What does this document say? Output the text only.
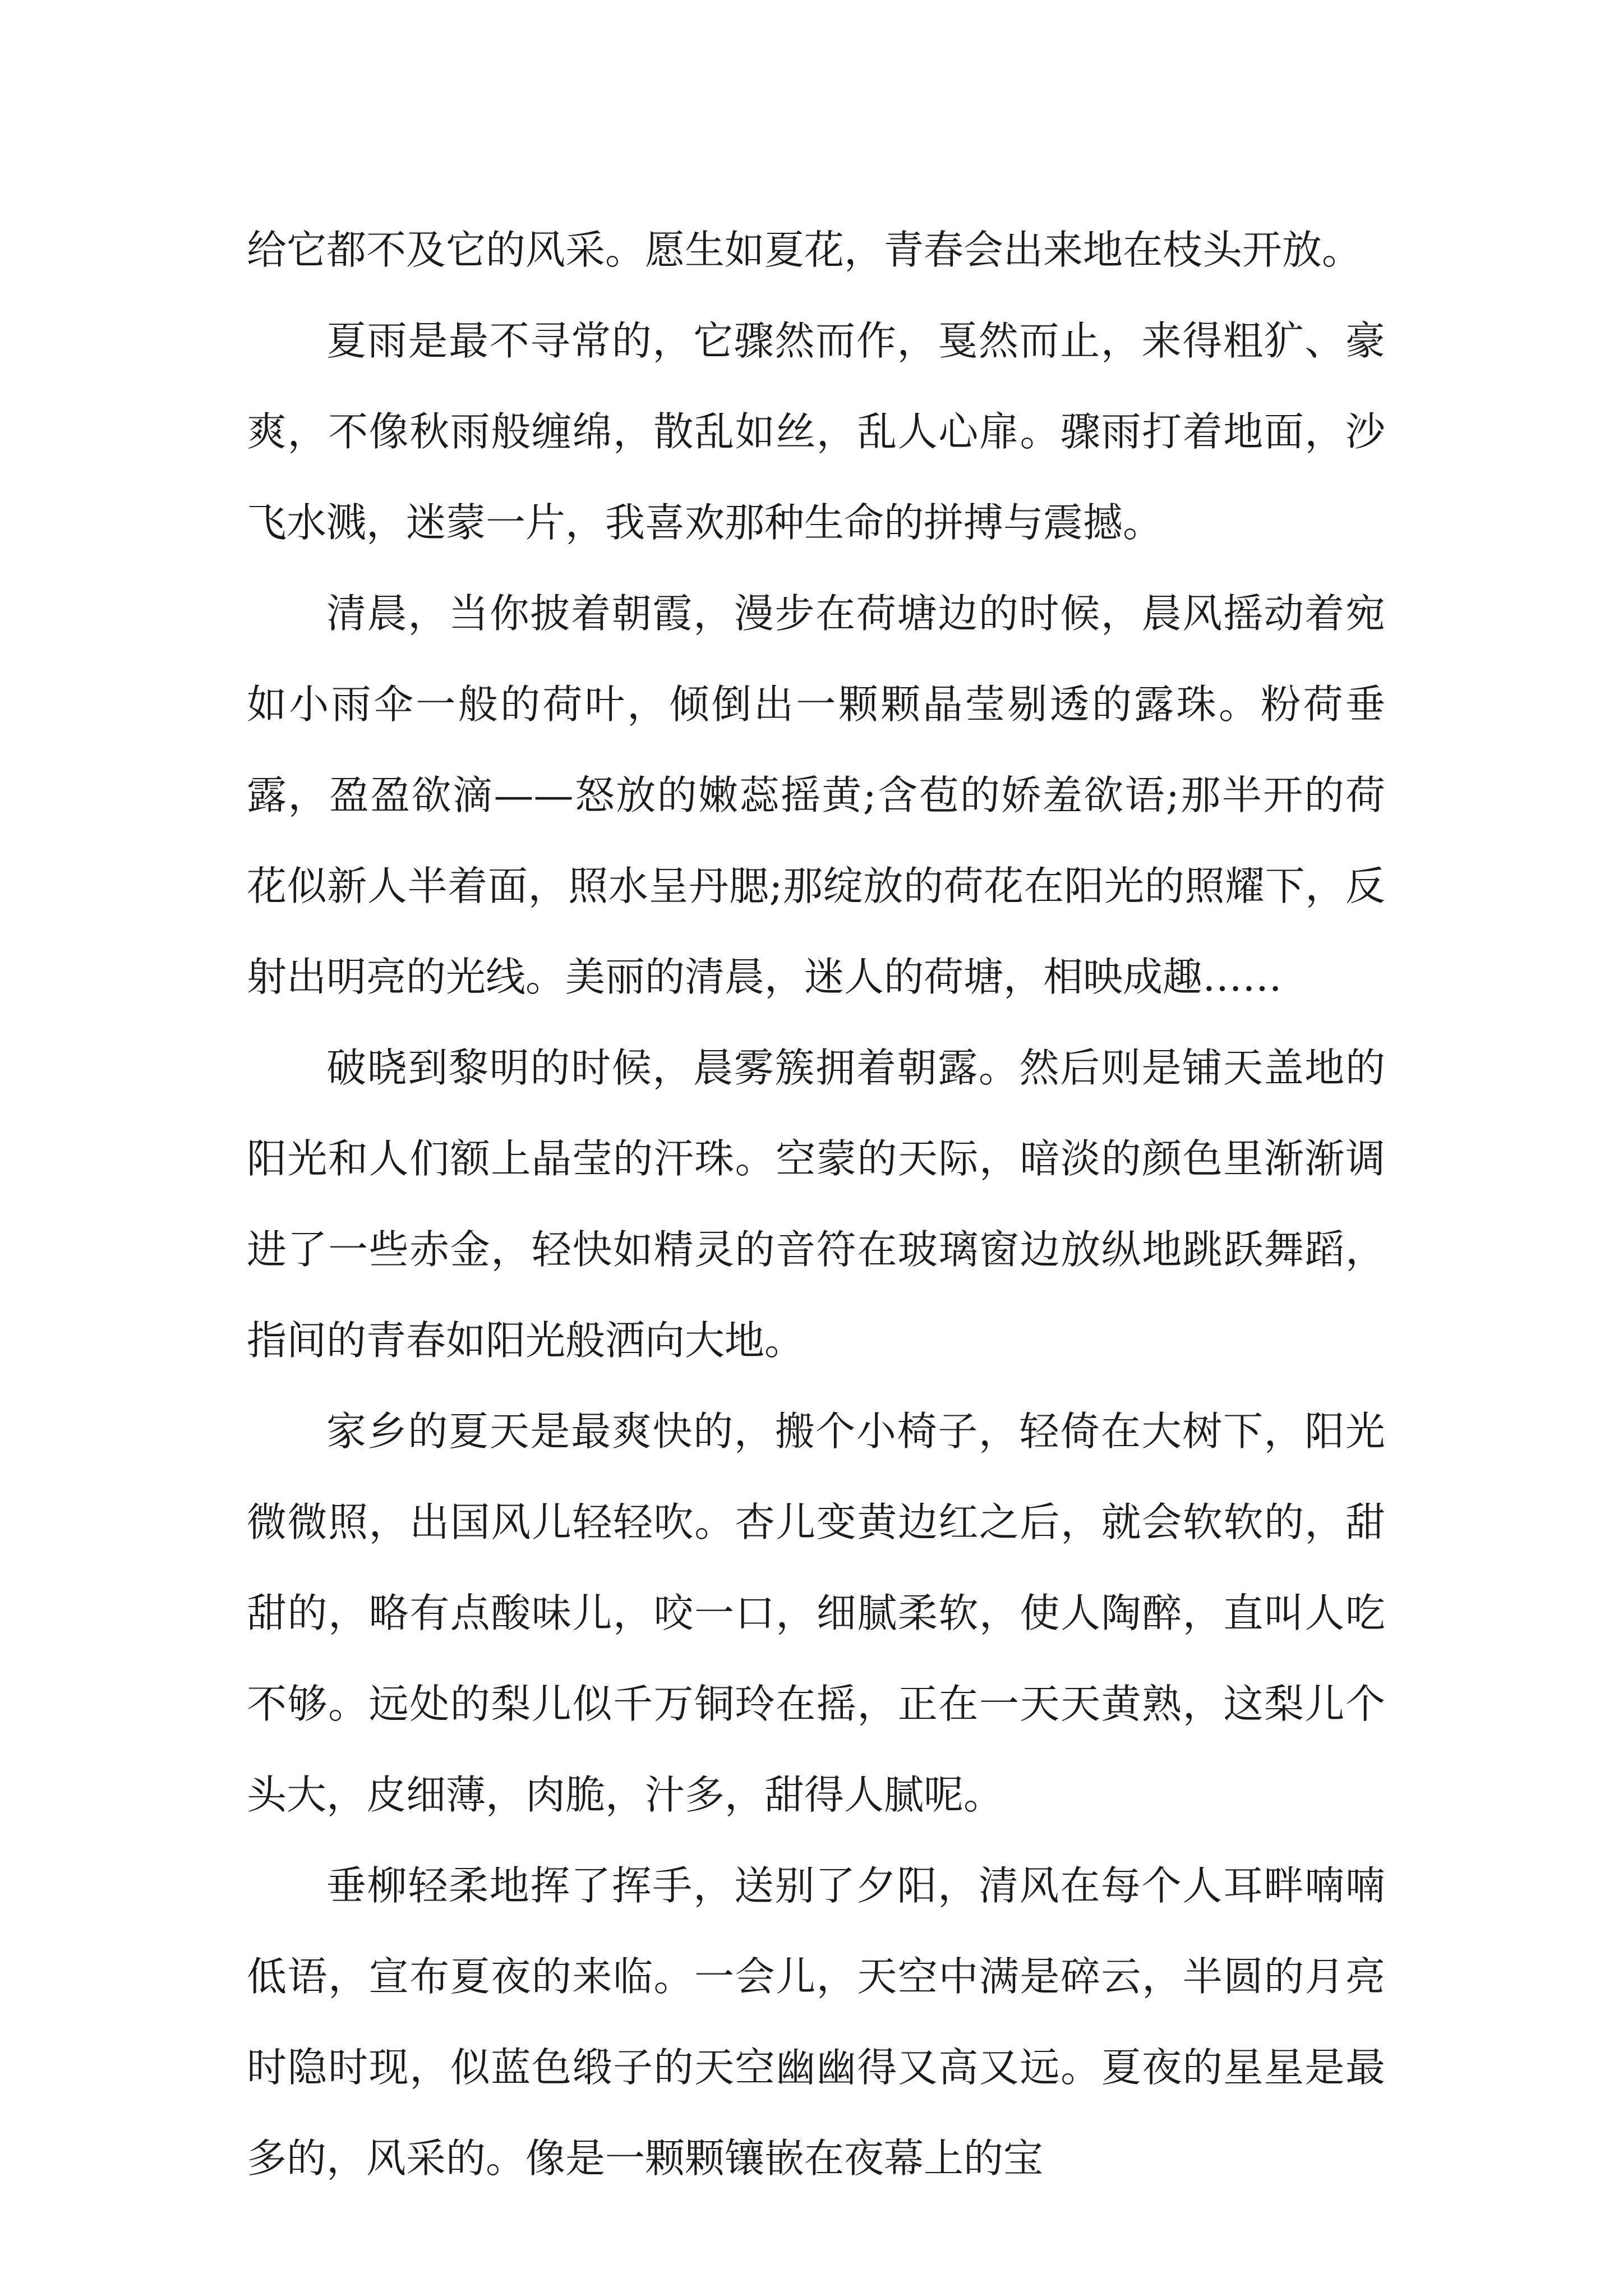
给它都不及它的风采。愿生如夏花，青春会出来地在枝头开放。

夏雨是最不寻常的，它骤然而作，戛然而止，来得粗犷、豪爽，不像秋雨般缠绵，散乱如丝，乱人心扉。骤雨打着地面，沙飞水溅，迷蒙一片，我喜欢那种生命的拼搏与震撼。

清晨，当你披着朝霞，漫步在荷塘边的时候，晨风摇动着宛如小雨伞一般的荷叶，倾倒出一颗颗晶莹剔透的露珠。粉荷垂露，盈盈欲滴——怒放的嫩蕊摇黄;含苞的娇羞欲语;那半开的荷花似新人半着面，照水呈丹腮;那绽放的荷花在阳光的照耀下，反射出明亮的光线。美丽的清晨，迷人的荷塘，相映成趣……

破晓到黎明的时候，晨雾簇拥着朝露。然后则是铺天盖地的阳光和人们额上晶莹的汗珠。空蒙的天际，暗淡的颜色里渐渐调进了一些赤金，轻快如精灵的音符在玻璃窗边放纵地跳跃舞蹈，指间的青春如阳光般洒向大地。

家乡的夏天是最爽快的，搬个小椅子，轻倚在大树下，阳光微微照，出国风儿轻轻吹。杏儿变黄边红之后，就会软软的，甜甜的，略有点酸味儿，咬一口，细腻柔软，使人陶醉，直叫人吃不够。远处的梨儿似千万铜玲在摇，正在一天天黄熟，这梨儿个头大，皮细薄，肉脆，汁多，甜得人腻呢。

垂柳轻柔地挥了挥手，送别了夕阳，清风在每个人耳畔喃喃低语，宣布夏夜的来临。一会儿，天空中满是碎云，半圆的月亮时隐时现，似蓝色缎子的天空幽幽得又高又远。夏夜的星星是最多的，风采的。像是一颗颗镶嵌在夜幕上的宝
